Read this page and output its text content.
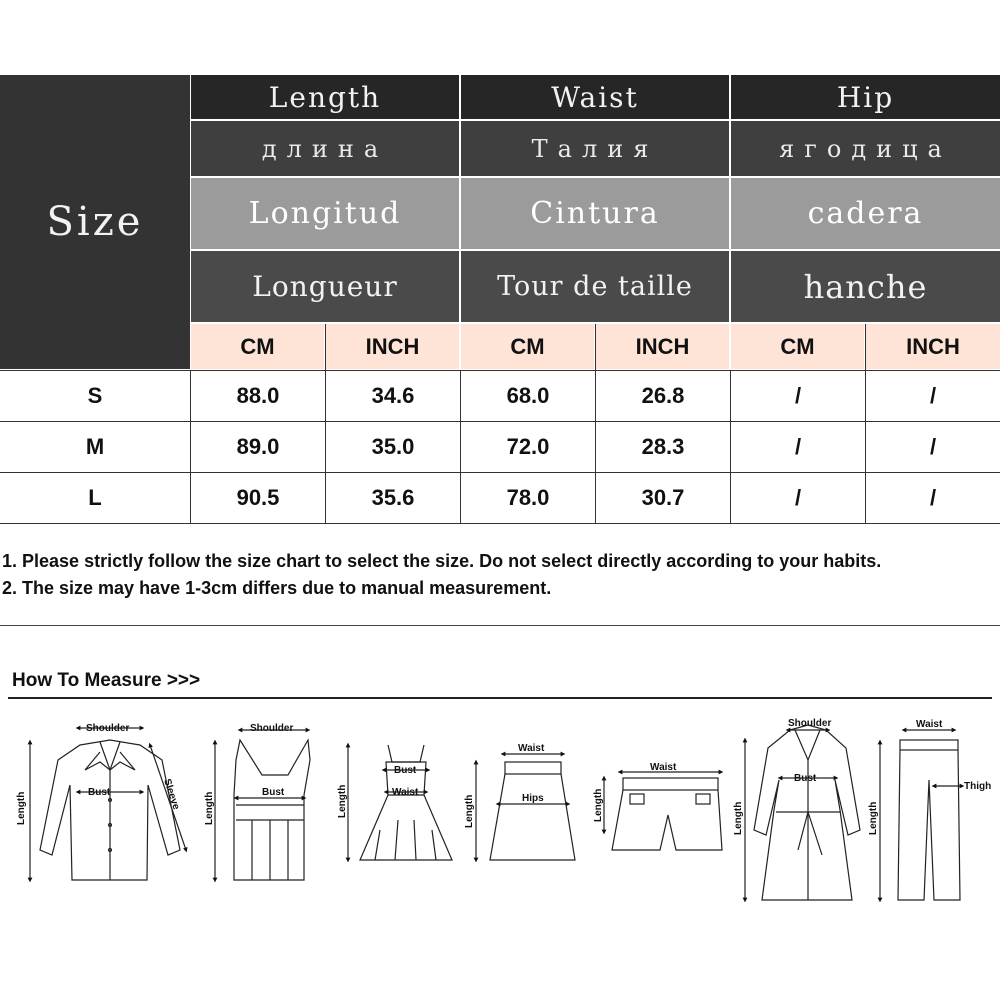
Size
Length	Waist	Hip
длина	Талия	ягодица
Longitud	Cintura	cadera
Longueur	Tour de taille	hanche
CM	INCH	CM	INCH	CM	INCH
S	88.0	34.6	68.0	26.8	/	/
M	89.0	35.0	72.0	28.3	/	/
L	90.5	35.6	78.0	30.7	/	/
1. Please strictly follow the size chart to select the size. Do not select directly according to your habits.
2. The size may have 1-3cm differs due to manual measurement.
How To Measure >>>
Shoulder
Bust
Length	Sleeve
Shoulder
Bust
Length
Bust
Waist
Length
Waist
Hips
Length
Waist
Length
Shoulder
Bust
Length
Waist
Thigh
Length
